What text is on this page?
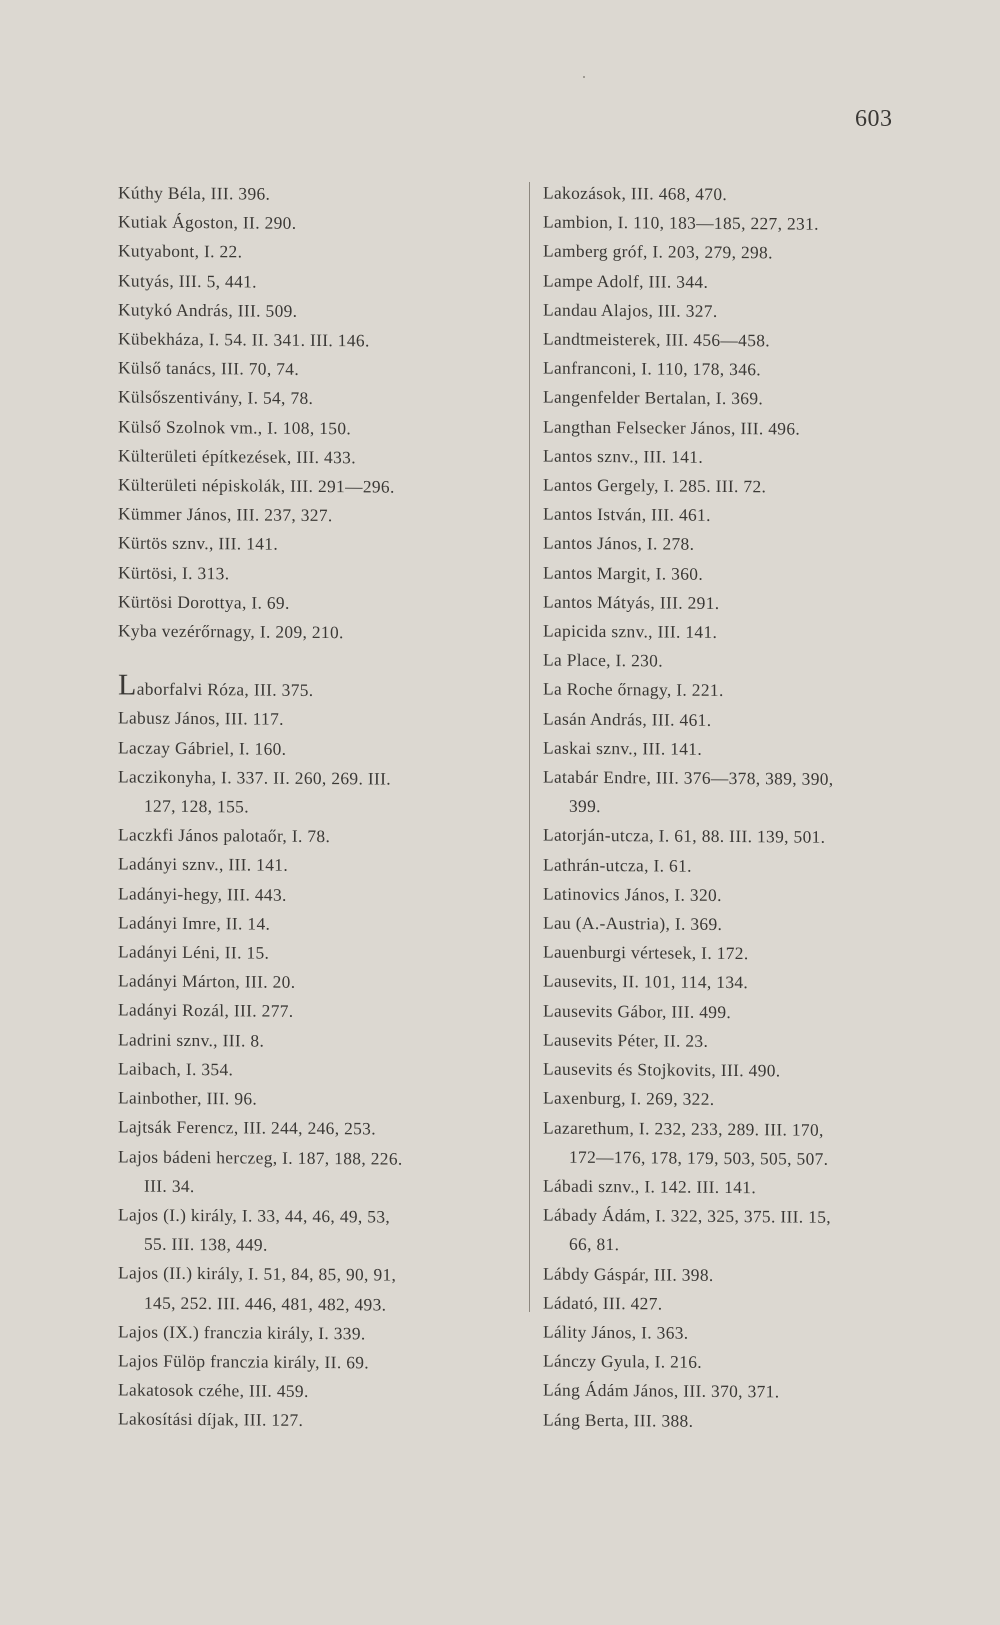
603
Kúthy Béla, III. 396.
Kutiak Ágoston, II. 290.
Kutyabont, I. 22.
Kutyás, III. 5, 441.
Kutykó András, III. 509.
Kübekháza, I. 54. II. 341. III. 146.
Külső tanács, III. 70, 74.
Külsőszentivány, I. 54, 78.
Külső Szolnok vm., I. 108, 150.
Külterületi építkezések, III. 433.
Külterületi népiskolák, III. 291—296.
Kümmer János, III. 237, 327.
Kürtös sznv., III. 141.
Kürtösi, I. 313.
Kürtösi Dorottya, I. 69.
Kyba vezérőrnagy, I. 209, 210.
Laborfalvi Róza, III. 375.
Labusz János, III. 117.
Laczay Gábriel, I. 160.
Laczikonyha, I. 337. II. 260, 269. III.
127, 128, 155.
Laczkfi János palotaőr, I. 78.
Ladányi sznv., III. 141.
Ladányi-hegy, III. 443.
Ladányi Imre, II. 14.
Ladányi Léni, II. 15.
Ladányi Márton, III. 20.
Ladányi Rozál, III. 277.
Ladrini sznv., III. 8.
Laibach, I. 354.
Lainbother, III. 96.
Lajtsák Ferencz, III. 244, 246, 253.
Lajos bádeni herczeg, I. 187, 188, 226.
III. 34.
Lajos (I.) király, I. 33, 44, 46, 49, 53,
55. III. 138, 449.
Lajos (II.) király, I. 51, 84, 85, 90, 91,
145, 252. III. 446, 481, 482, 493.
Lajos (IX.) franczia király, I. 339.
Lajos Fülöp franczia király, II. 69.
Lakatosok czéhe, III. 459.
Lakosítási díjak, III. 127.
Lakozások, III. 468, 470.
Lambion, I. 110, 183—185, 227, 231.
Lamberg gróf, I. 203, 279, 298.
Lampe Adolf, III. 344.
Landau Alajos, III. 327.
Landtmeisterek, III. 456—458.
Lanfranconi, I. 110, 178, 346.
Langenfelder Bertalan, I. 369.
Langthan Felsecker János, III. 496.
Lantos sznv., III. 141.
Lantos Gergely, I. 285. III. 72.
Lantos István, III. 461.
Lantos János, I. 278.
Lantos Margit, I. 360.
Lantos Mátyás, III. 291.
Lapicida sznv., III. 141.
La Place, I. 230.
La Roche őrnagy, I. 221.
Lasán András, III. 461.
Laskai sznv., III. 141.
Latabár Endre, III. 376—378, 389, 390,
399.
Latorján-utcza, I. 61, 88. III. 139, 501.
Lathrán-utcza, I. 61.
Latinovics János, I. 320.
Lau (A.-Austria), I. 369.
Lauenburgi vértesek, I. 172.
Lausevits, II. 101, 114, 134.
Lausevits Gábor, III. 499.
Lausevits Péter, II. 23.
Lausevits és Stojkovits, III. 490.
Laxenburg, I. 269, 322.
Lazarethum, I. 232, 233, 289. III. 170,
172—176, 178, 179, 503, 505, 507.
Lábadi sznv., I. 142. III. 141.
Lábady Ádám, I. 322, 325, 375. III. 15,
66, 81.
Lábdy Gáspár, III. 398.
Ládató, III. 427.
Lálity János, I. 363.
Lánczy Gyula, I. 216.
Láng Ádám János, III. 370, 371.
Láng Berta, III. 388.
